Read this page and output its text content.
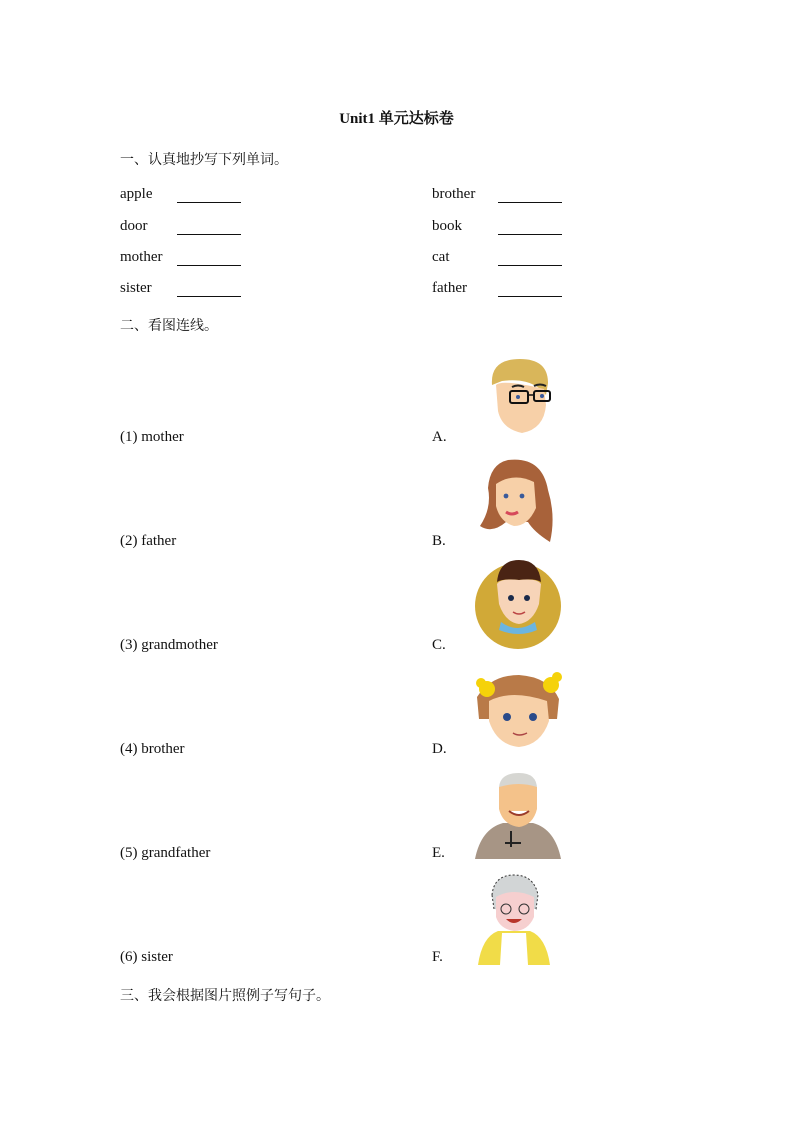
Unit1 单元达标卷
一、认真地抄写下列单词。
apple	brother
door	book
mother	cat
sister	father
二、看图连线。
(1) mother	A.
(2) father	B.
(3) grandmother	C.
(4) brother	D.
(5) grandfather	E.
(6) sister	F.
三、我会根据图片照例子写句子。
